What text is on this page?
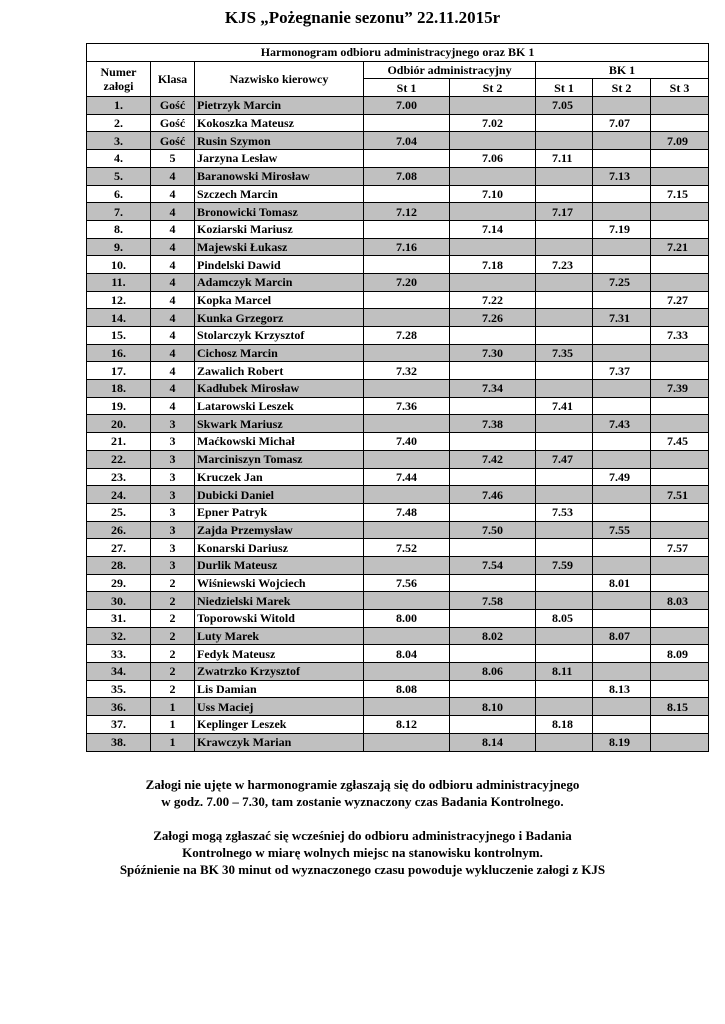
KJS „Pożegnanie sezonu” 22.11.2015r
Harmonogram odbioru administracyjnego oraz BK 1							
Numer załogi	Klasa	Nazwisko kierowcy	Odbiór administracyjny		BK 1		
			St 1	St 2	St 1	St 2	St 3
1.	Gość	Pietrzyk Marcin	7.00		7.05		
2.	Gość	Kokoszka Mateusz		7.02		7.07	
3.	Gość	Rusin Szymon	7.04				7.09
4.	5	Jarzyna Lesław		7.06	7.11		
5.	4	Baranowski Mirosław	7.08			7.13	
6.	4	Szczech Marcin		7.10			7.15
7.	4	Bronowicki Tomasz	7.12		7.17		
8.	4	Koziarski Mariusz		7.14		7.19	
9.	4	Majewski Łukasz	7.16				7.21
10.	4	Pindelski Dawid		7.18	7.23		
11.	4	Adamczyk Marcin	7.20			7.25	
12.	4	Kopka Marcel		7.22			7.27
14.	4	Kunka Grzegorz		7.26		7.31	
15.	4	Stolarczyk Krzysztof	7.28				7.33
16.	4	Cichosz Marcin		7.30	7.35		
17.	4	Zawalich Robert	7.32			7.37	
18.	4	Kadłubek Mirosław		7.34			7.39
19.	4	Latarowski Leszek	7.36		7.41		
20.	3	Skwark Mariusz		7.38		7.43	
21.	3	Maćkowski Michał	7.40				7.45
22.	3	Marciniszyn Tomasz		7.42	7.47		
23.	3	Kruczek Jan	7.44			7.49	
24.	3	Dubicki Daniel		7.46			7.51
25.	3	Epner Patryk	7.48		7.53		
26.	3	Zajda Przemysław		7.50		7.55	
27.	3	Konarski Dariusz	7.52				7.57
28.	3	Durlik Mateusz		7.54	7.59		
29.	2	Wiśniewski Wojciech	7.56			8.01	
30.	2	Niedzielski Marek		7.58			8.03
31.	2	Toporowski Witold	8.00		8.05		
32.	2	Luty Marek		8.02		8.07	
33.	2	Fedyk Mateusz	8.04				8.09
34.	2	Zwatrzko Krzysztof		8.06	8.11		
35.	2	Lis Damian	8.08			8.13	
36.	1	Uss Maciej		8.10			8.15
37.	1	Keplinger Leszek	8.12		8.18		
38.	1	Krawczyk Marian		8.14		8.19	

Załogi nie ujęte w harmonogramie zgłaszają się do odbioru administracyjnego

w godz. 7.00 – 7.30, tam zostanie wyznaczony czas Badania Kontrolnego.

Załogi mogą zgłaszać się wcześniej do odbioru administracyjnego i Badania

Kontrolnego w miarę wolnych miejsc na stanowisku kontrolnym.

Spóźnienie na BK 30 minut od wyznaczonego czasu powoduje wykluczenie załogi z KJS
